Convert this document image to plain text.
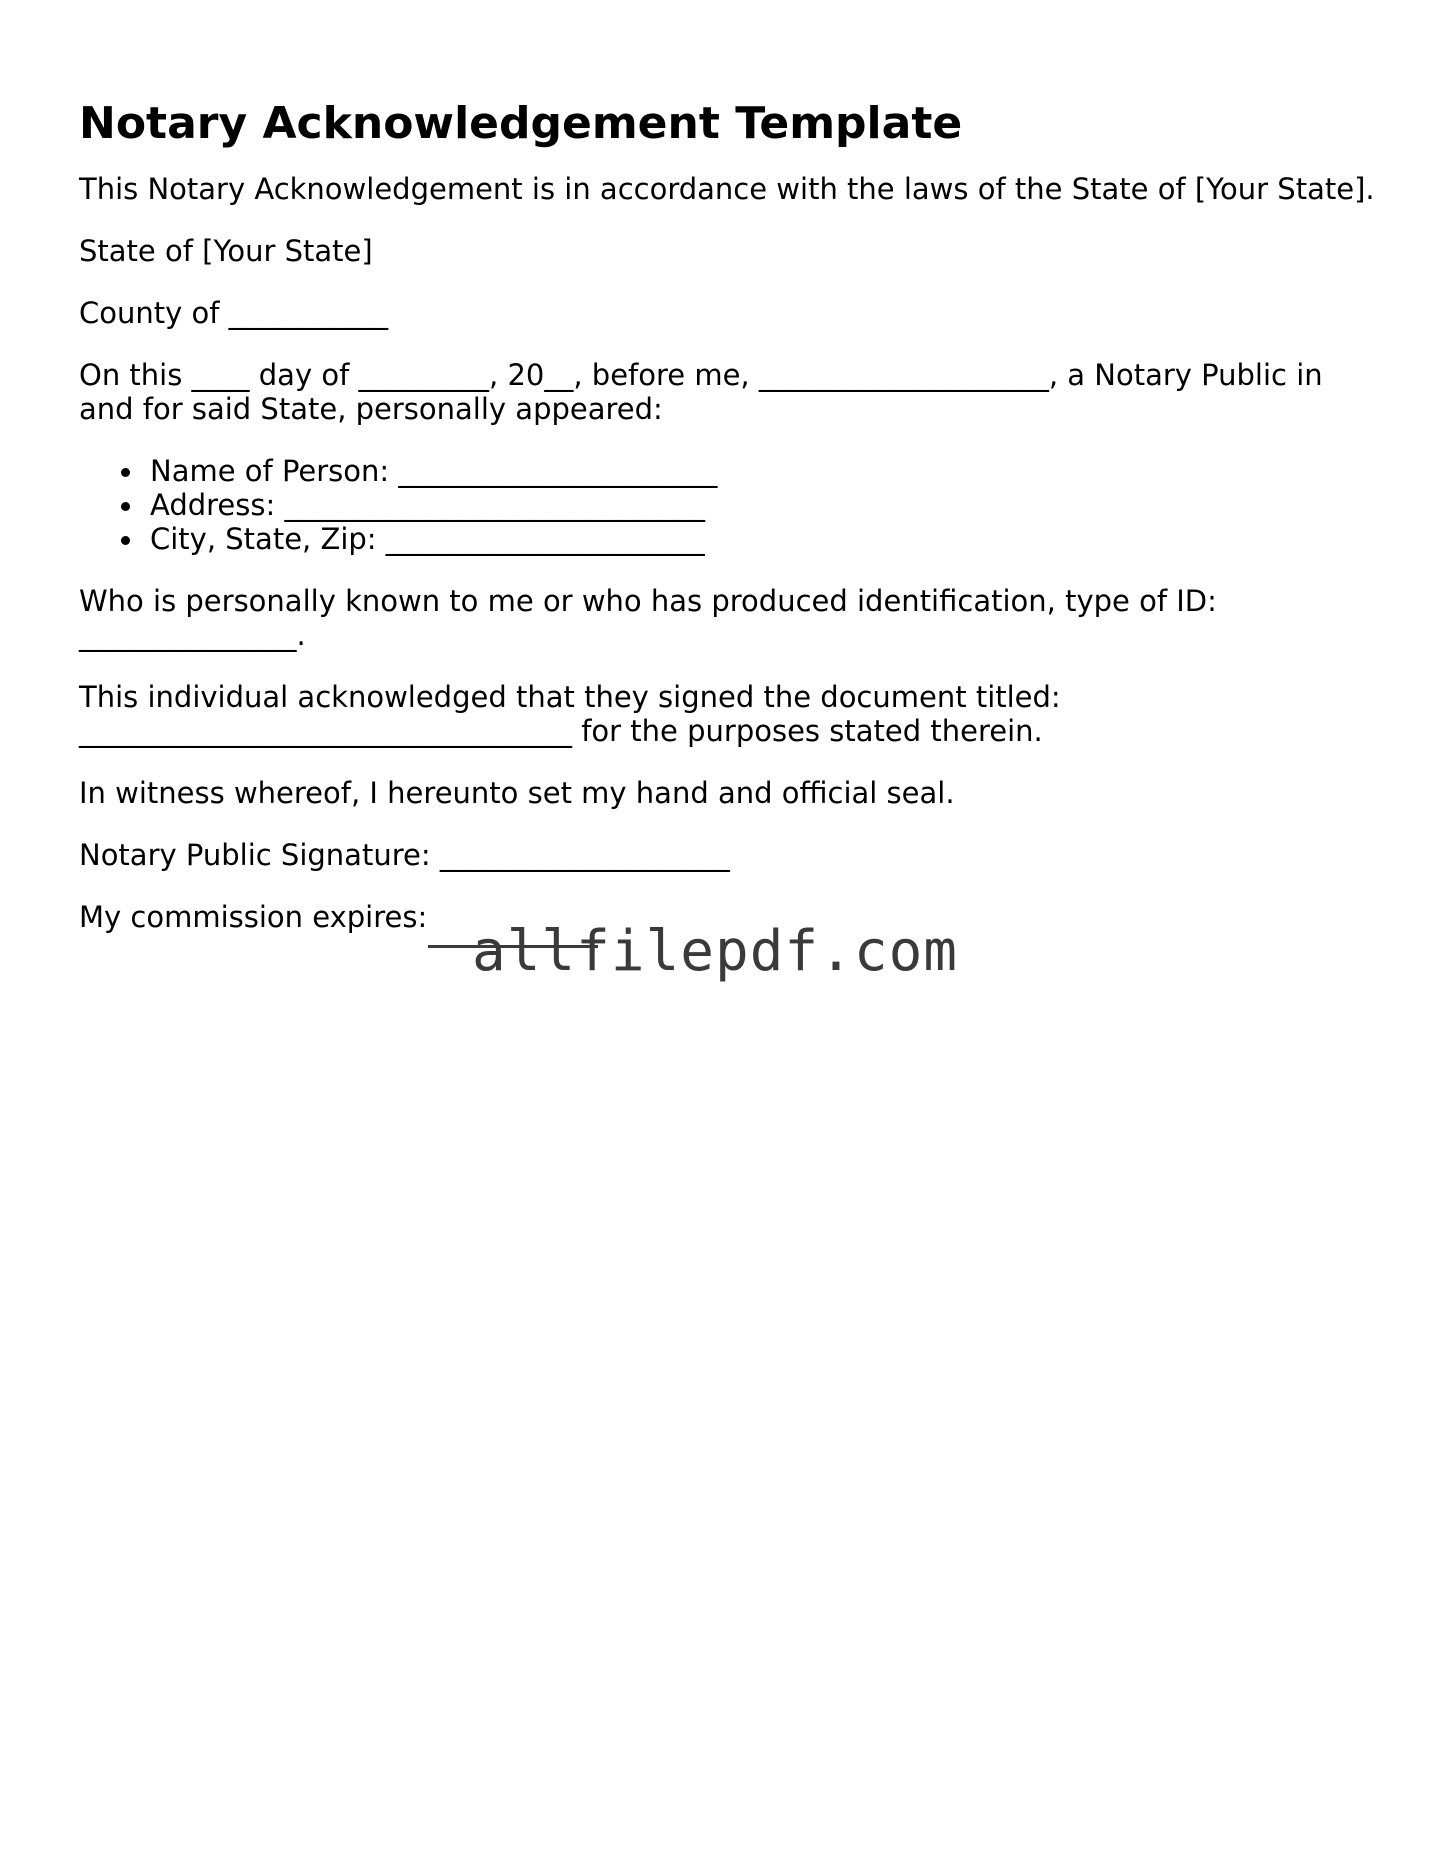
Notary Acknowledgement Template

This Notary Acknowledgement is in accordance with the laws of the State of [Your State].

State of [Your State]

County of ___________

On this ____ day of _________, 20__, before me, ____________________, a Notary Public in and for said State, personally appeared:

Name of Person: ______________________
Address: _____________________________
City, State, Zip: ______________________

Who is personally known to me or who has produced identification, type of ID: _______________.

This individual acknowledged that they signed the document titled: __________________________________ for the purposes stated therein.

In witness whereof, I hereunto set my hand and official seal.

Notary Public Signature: ____________________

My commission expires:

allfilepdf.com
